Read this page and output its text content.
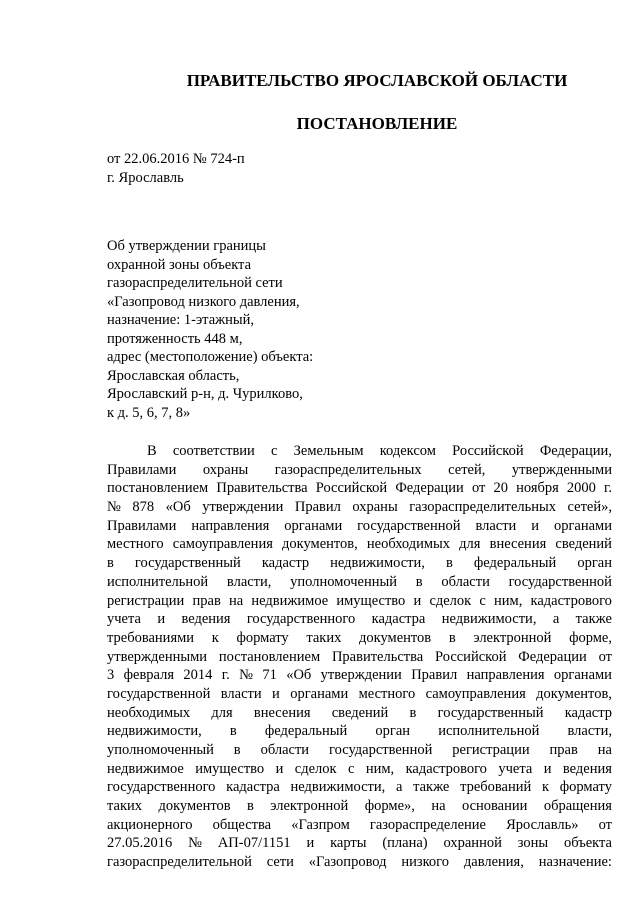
ПРАВИТЕЛЬСТВО ЯРОСЛАВСКОЙ ОБЛАСТИ
ПОСТАНОВЛЕНИЕ
от 22.06.2016 № 724-п
г. Ярославль
Об утверждении границы
охранной зоны объекта
газораспределительной сети
«Газопровод низкого давления,
назначение: 1-этажный,
протяженность 448 м,
адрес (местоположение) объекта:
Ярославская область,
Ярославский р-н, д. Чурилково,
к д. 5, 6, 7, 8»
В соответствии с Земельным кодексом Российской Федерации,
Правилами охраны газораспределительных сетей, утвержденными
постановлением Правительства Российской Федерации от 20 ноября 2000 г.
№ 878 «Об утверждении Правил охраны газораспределительных сетей»,
Правилами направления органами государственной власти и органами
местного самоуправления документов, необходимых для внесения сведений
в государственный кадастр недвижимости, в федеральный орган
исполнительной власти, уполномоченный в области государственной
регистрации прав на недвижимое имущество и сделок с ним, кадастрового
учета и ведения государственного кадастра недвижимости, а также
требованиями к формату таких документов в электронной форме,
утвержденными постановлением Правительства Российской Федерации от
3 февраля 2014 г. № 71 «Об утверждении Правил направления органами
государственной власти и органами местного самоуправления документов,
необходимых для внесения сведений в государственный кадастр
недвижимости, в федеральный орган исполнительной власти,
уполномоченный в области государственной регистрации прав на
недвижимое имущество и сделок с ним, кадастрового учета и ведения
государственного кадастра недвижимости, а также требований к формату
таких документов в электронной форме», на основании обращения
акционерного общества «Газпром газораспределение Ярославль» от
27.05.2016 № АП-07/1151 и карты (плана) охранной зоны объекта
газораспределительной сети «Газопровод низкого давления, назначение:
